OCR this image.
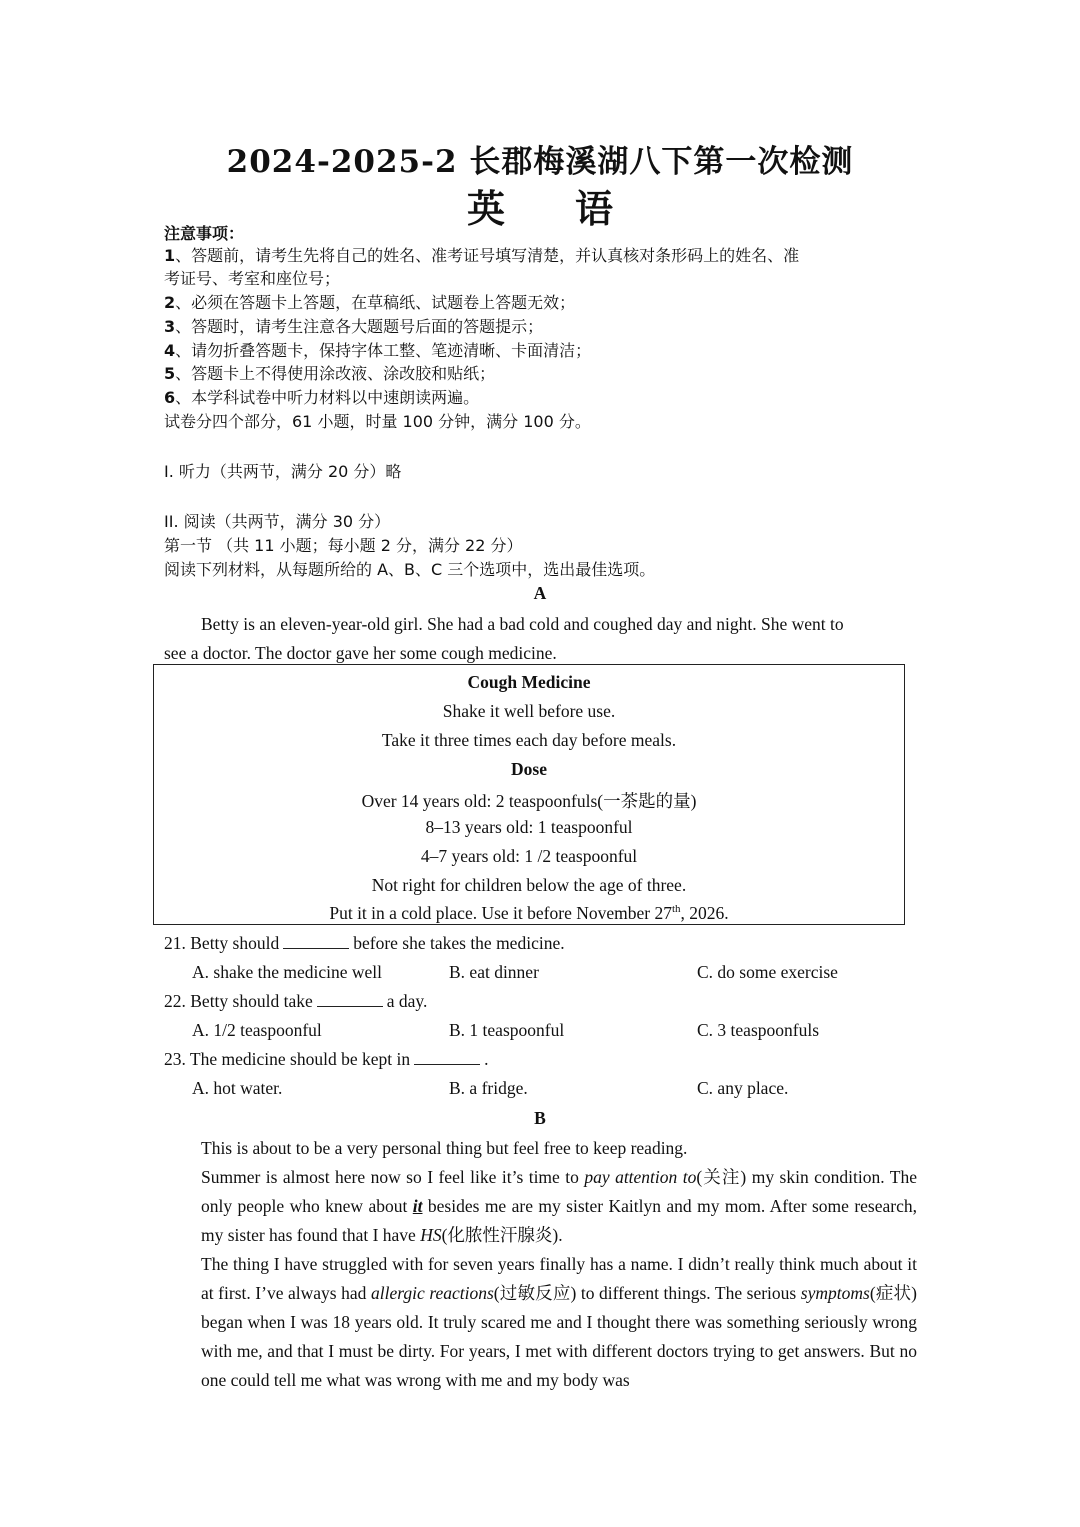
2024-2025-2 长郡梅溪湖八下第一次检测
英语
注意事项：
1、答题前，请考生先将自己的姓名、准考证号填写清楚，并认真核对条形码上的姓名、准
考证号、考室和座位号；
2、必须在答题卡上答题，在草稿纸、试题卷上答题无效；
3、答题时，请考生注意各大题题号后面的答题提示；
4、请勿折叠答题卡，保持字体工整、笔迹清晰、卡面清洁；
5、答题卡上不得使用涂改液、涂改胶和贴纸；
6、本学科试卷中听力材料以中速朗读两遍。
试卷分四个部分，61 小题，时量 100 分钟，满分 100 分。
I. 听力（共两节，满分 20 分）略
II. 阅读（共两节，满分 30 分）
第一节 （共 11 小题；每小题 2 分，满分 22 分）
阅读下列材料，从每题所给的 A、B、C 三个选项中，选出最佳选项。
A
Betty is an eleven-year-old girl. She had a bad cold and coughed day and night. She went to
see a doctor. The doctor gave her some cough medicine.
Cough Medicine
Shake it well before use.
Take it three times each day before meals.
Dose
Over 14 years old: 2 teaspoonfuls(一茶匙的量)
8–13 years old: 1 teaspoonful
4–7 years old: 1 /2 teaspoonful
Not right for children below the age of three.
Put it in a cold place. Use it before November 27th, 2026.
21. Betty should	before she takes the medicine.
A. shake the medicine well	B. eat dinner	C. do some exercise
22. Betty should take	a day.
A. 1/2 teaspoonful	B. 1 teaspoonful	C. 3 teaspoonfuls
23. The medicine should be kept in	.
A. hot water.	B. a fridge.	C. any place.
B
This is about to be a very personal thing but feel free to keep reading.
Summer is almost here now so I feel like it’s time to pay attention to(关注) my skin condition. The only people who knew about it besides me are my sister Kaitlyn and my mom. After some research, my sister has found that I have HS(化脓性汗腺炎).
The thing I have struggled with for seven years finally has a name. I didn’t really think much about it at first. I’ve always had allergic reactions(过敏反应) to different things. The serious symptoms(症状) began when I was 18 years old. It truly scared me and I thought there was something seriously wrong with me, and that I must be dirty. For years, I met with different doctors trying to get answers. But no one could tell me what was wrong with me and my body was
